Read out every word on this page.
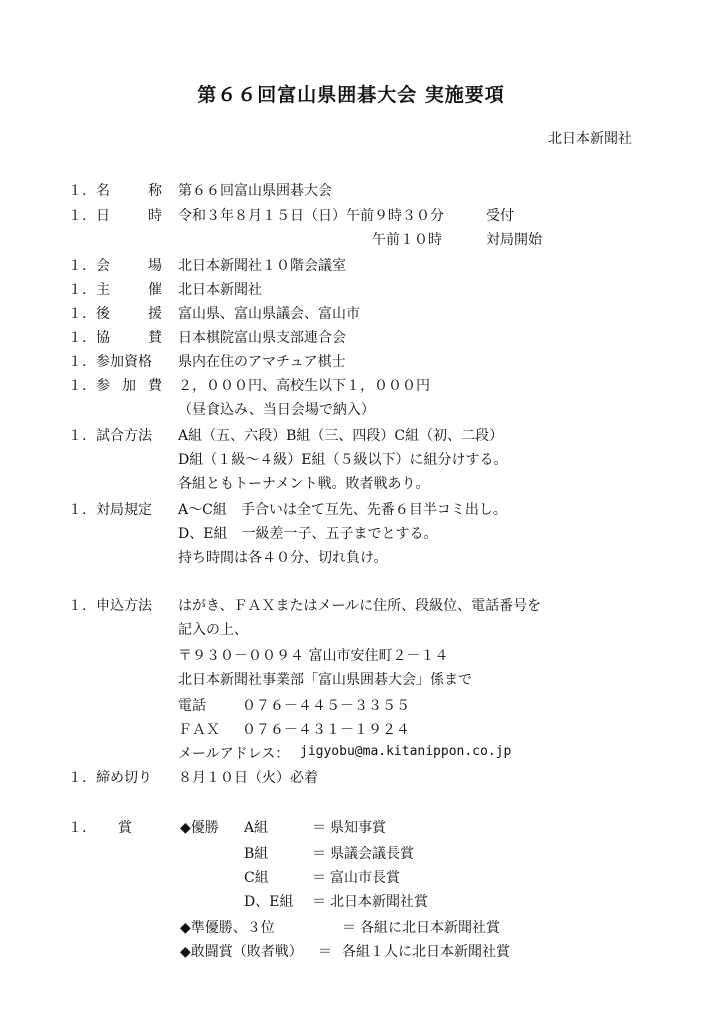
第６６回富山県囲碁大会 実施要項
北日本新聞社
１. 名	称 第６６回富山県囲碁大会
１. 日	時 令和３年８月１５日（日）午前９時３０分	受付
午前１０時	対局開始
１. 会	場 北日本新聞社１０階会議室
１. 主	催 北日本新聞社
１. 後	援 富山県、富山県議会、富山市
１. 協	賛 日本棋院富山県支部連合会
１. 参加資格	県内在住のアマチュア棋士
１. 参 加 費 ２，０００円、高校生以下１，０００円
（昼食込み、当日会場で納入）
１. 試合方法	A組（五、六段）B組（三、四段）C組（初、二段）
D組（１級～４級）E組（５級以下）に組分けする。
各組ともトーナメント戦。敗者戦あり。
１. 対局規定	A～C組　手合いは全て互先、先番６目半コミ出し。
D、E組　一級差一子、五子までとする。
持ち時間は各４０分、切れ負け。
１. 申込方法	はがき、ＦＡＸまたはメールに住所、段級位、電話番号を
記入の上、
〒９３０－００９４ 富山市安住町２－１４
北日本新聞社事業部「富山県囲碁大会」係まで
電話	０７６－４４５－３３５５
ＦＡＸ ０７６－４３１－１９２４
メールアドレス： jigyobu@ma.kitanippon.co.jp
１. 締め切り	８月１０日（火）必着
１. 賞	◆優勝 A組	＝ 県知事賞
B組	＝ 県議会議長賞
C組	＝ 富山市長賞
D、E組 ＝ 北日本新聞社賞
◆準優勝、３位	＝ 各組に北日本新聞社賞
◆敢闘賞（敗者戦） ＝ 各組１人に北日本新聞社賞
